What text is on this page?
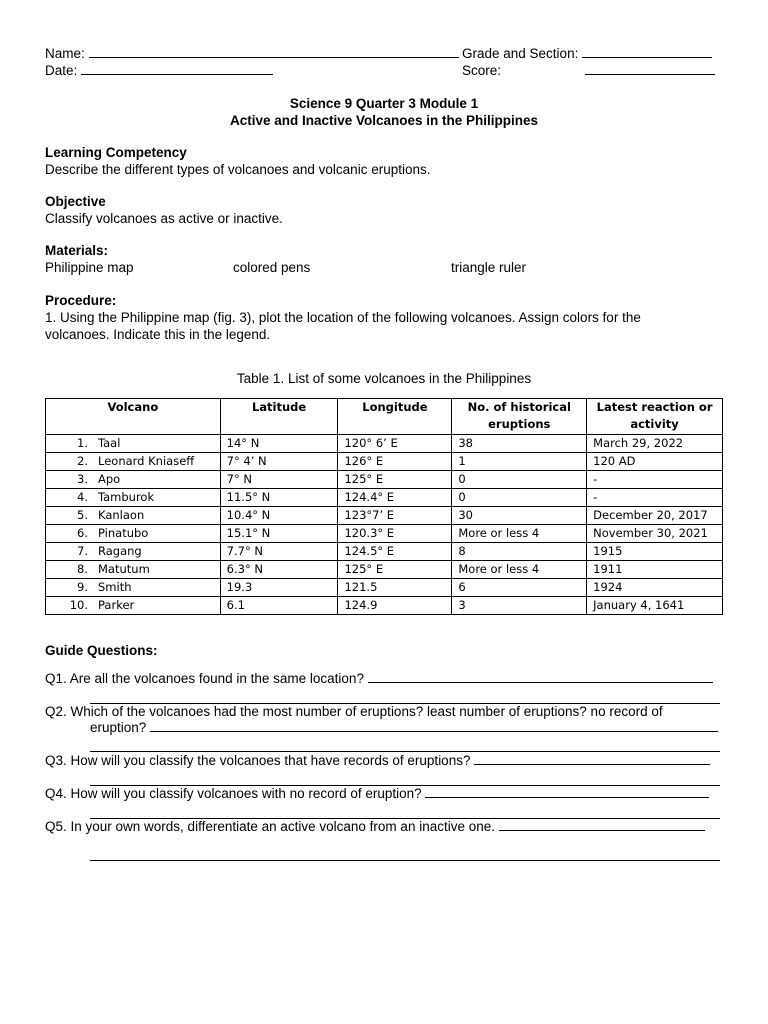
Name:	Grade and Section:
Date:	Score:
Science 9 Quarter 3 Module 1
Active and Inactive Volcanoes in the Philippines
Learning Competency
Describe the different types of volcanoes and volcanic eruptions.
Objective
Classify volcanoes as active or inactive.
Materials:
Philippine map	colored pens	triangle ruler
Procedure:
1. Using the Philippine map (fig. 3), plot the location of the following volcanoes. Assign colors for the
volcanoes. Indicate this in the legend.
Table 1. List of some volcanoes in the Philippines
Volcano	Latitude	Longitude	No. of historical eruptions	Latest reaction or activity
1. Taal	14° N	120° 6’ E	38	March 29, 2022
2. Leonard Kniaseff	7° 4’ N	126° E	1	120 AD
3. Apo	7° N	125° E	0	-
4. Tamburok	11.5° N	124.4° E	0	-
5. Kanlaon	10.4° N	123°7’ E	30	December 20, 2017
6. Pinatubo	15.1° N	120.3° E	More or less 4	November 30, 2021
7. Ragang	7.7° N	124.5° E	8	1915
8. Matutum	6.3° N	125° E	More or less 4	1911
9. Smith	19.3	121.5	6	1924
10. Parker	6.1	124.9	3	January 4, 1641
Guide Questions:
Q1. Are all the volcanoes found in the same location?
Q2. Which of the volcanoes had the most number of eruptions? least number of eruptions? no record of
eruption?
Q3. How will you classify the volcanoes that have records of eruptions?
Q4. How will you classify volcanoes with no record of eruption?
Q5. In your own words, differentiate an active volcano from an inactive one.
